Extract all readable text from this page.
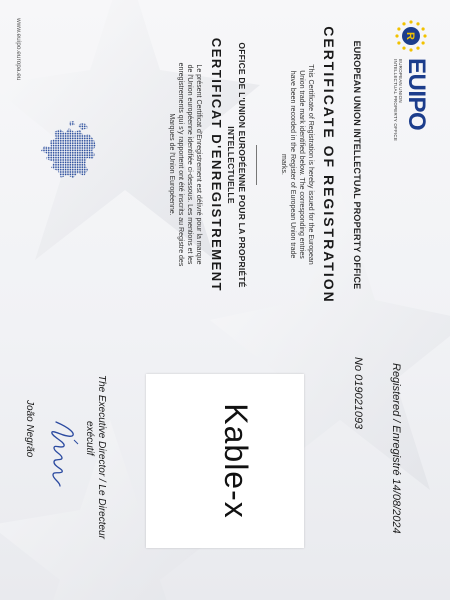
R
EUIPO
EUROPEAN UNION
INTELLECTUAL PROPERTY OFFICE
EUROPEAN UNION INTELLECTUAL PROPERTY OFFICE
CERTIFICATE OF REGISTRATION
This Certificate of Registration is hereby issued for the European Union trade mark identified below. The corresponding entries have been recorded in the Register of European Union trade marks.
OFFICE DE L'UNION EUROPÉENNE POUR LA PROPRIÉTÉ INTELLECTUELLE
CERTIFICAT D'ENREGISTREMENT
Le présent Certificat d'Enregistrement est délivré pour la marque de l'Union européenne identifiée ci-dessous. Les mentions et les enregistrements qui s'y rapportent ont été inscrits au Registre des Marques de l'Union Européenne.
www.euipo.europa.eu
Registered / Enregistré 14/08/2024
No 019021093
Kable-x
The Executive Director / Le Directeur
exécutif
João Negrão
